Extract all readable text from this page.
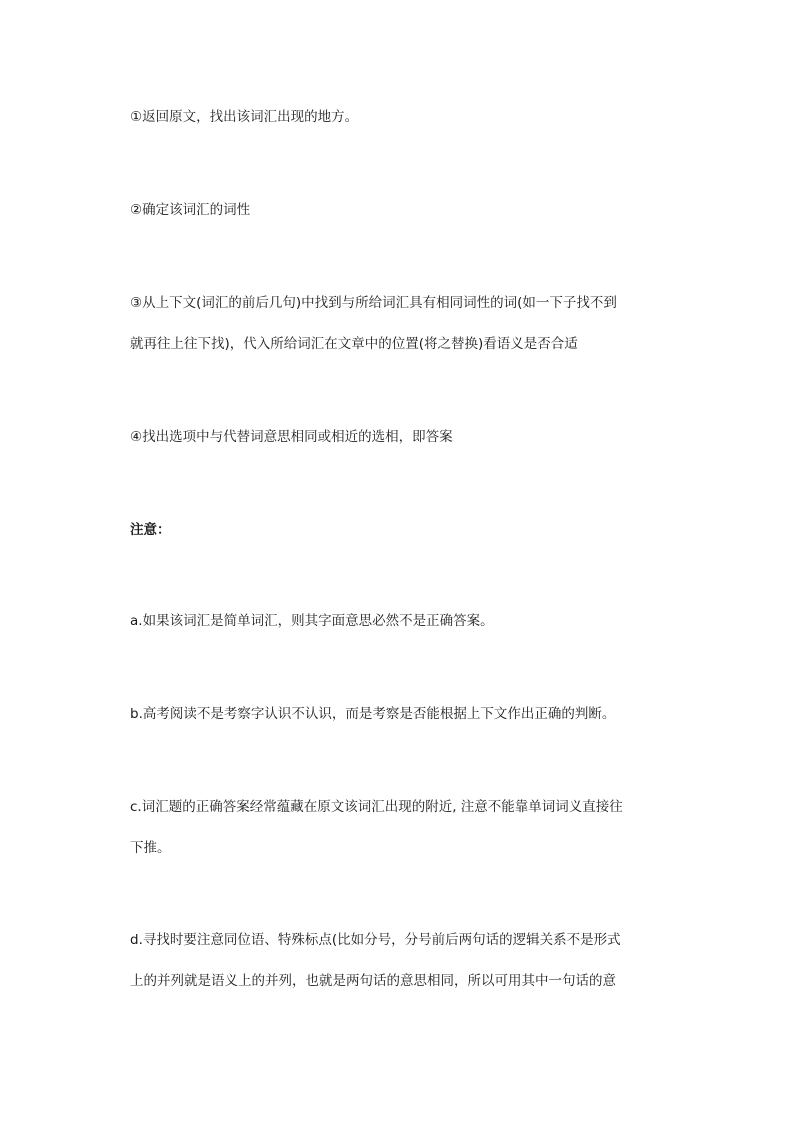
①返回原文，找出该词汇出现的地方。
②确定该词汇的词性
③从上下文(词汇的前后几句)中找到与所给词汇具有相同词性的词(如一下子找不到
就再往上往下找)，代入所给词汇在文章中的位置(将之替换)看语义是否合适
④找出选项中与代替词意思相同或相近的选相，即答案
注意：
a.如果该词汇是简单词汇，则其字面意思必然不是正确答案。
b.高考阅读不是考察字认识不认识，而是考察是否能根据上下文作出正确的判断。
c.词汇题的正确答案经常蕴藏在原文该词汇出现的附近, 注意不能靠单词词义直接往
下推。
d.寻找时要注意同位语、特殊标点(比如分号，分号前后两句话的逻辑关系不是形式
上的并列就是语义上的并列，也就是两句话的意思相同，所以可用其中一句话的意
